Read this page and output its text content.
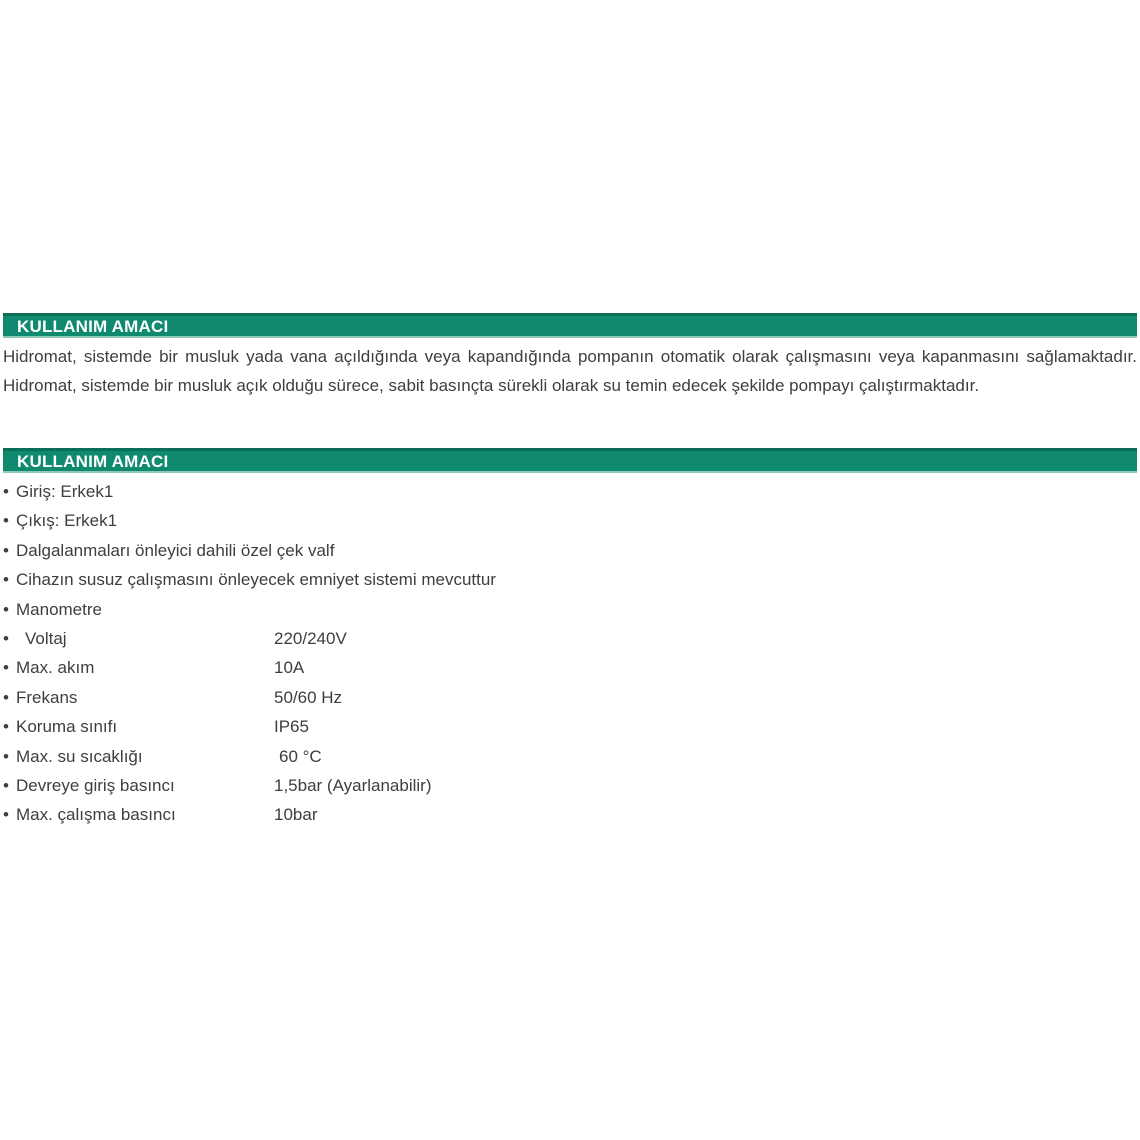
KULLANIM AMACI
Hidromat, sistemde bir musluk yada vana açıldığında veya kapandığında pompanın otomatik olarak çalışmasını veya kapanmasını sağlamaktadır. Hidromat, sistemde bir musluk açık olduğu sürece, sabit basınçta sürekli olarak su temin edecek şekilde pompayı çalıştırmaktadır.
KULLANIM AMACI
• Giriş: Erkek1
• Çıkış: Erkek1
• Dalgalanmaları önleyici dahili özel çek valf
• Cihazın susuz çalışmasını önleyecek emniyet sistemi mevcuttur
• Manometre
• Voltaj	220/240V
• Max. akım	10A
• Frekans	50/60 Hz
• Koruma sınıfı	IP65
• Max. su sıcaklığı	60 °C
• Devreye giriş basıncı	1,5bar (Ayarlanabilir)
• Max. çalışma basıncı	10bar
